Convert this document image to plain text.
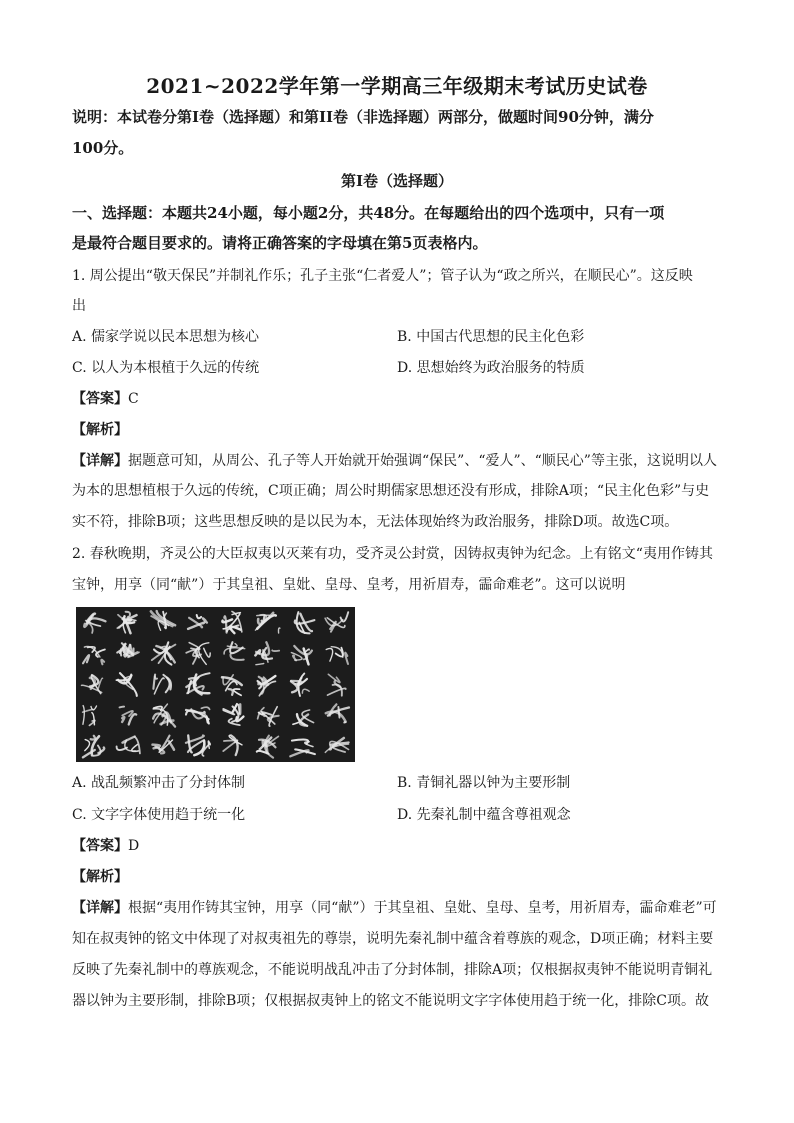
2021~2022学年第一学期高三年级期末考试历史试卷
说明：本试卷分第Ⅰ卷（选择题）和第II卷（非选择题）两部分，做题时间90分钟，满分
100分。
第Ⅰ卷（选择题）
一、选择题：本题共24小题，每小题2分，共48分。在每题给出的四个选项中，只有一项
是最符合题目要求的。请将正确答案的字母填在第5页表格内。
1. 周公提出“敬天保民”并制礼作乐；孔子主张“仁者爱人”；管子认为“政之所兴，在顺民心”。这反映
出
A. 儒家学说以民本思想为核心	B. 中国古代思想的民主化色彩
C. 以人为本根植于久远的传统	D. 思想始终为政治服务的特质
【答案】C
【解析】
【详解】据题意可知，从周公、孔子等人开始就开始强调“保民”、“爱人”、“顺民心”等主张，这说明以人
为本的思想植根于久远的传统，C项正确；周公时期儒家思想还没有形成，排除A项；“民主化色彩”与史
实不符，排除B项；这些思想反映的是以民为本，无法体现始终为政治服务，排除D项。故选C项。
2. 春秋晚期，齐灵公的大臣叔夷以灭莱有功，受齐灵公封赏，因铸叔夷钟为纪念。上有铭文“夷用作铸其
宝钟，用享（同“献”）于其皇祖、皇妣、皇母、皇考，用祈眉寿，霝命难老”。这可以说明
A. 战乱频繁冲击了分封体制	B. 青铜礼器以钟为主要形制
C. 文字字体使用趋于统一化	D. 先秦礼制中蕴含尊祖观念
【答案】D
【解析】
【详解】根据“夷用作铸其宝钟，用享（同“献”）于其皇祖、皇妣、皇母、皇考，用祈眉寿，霝命难老”可
知在叔夷钟的铭文中体现了对叔夷祖先的尊崇，说明先秦礼制中蕴含着尊族的观念，D项正确；材料主要
反映了先秦礼制中的尊族观念，不能说明战乱冲击了分封体制，排除A项；仅根据叔夷钟不能说明青铜礼
器以钟为主要形制，排除B项；仅根据叔夷钟上的铭文不能说明文字字体使用趋于统一化，排除C项。故
